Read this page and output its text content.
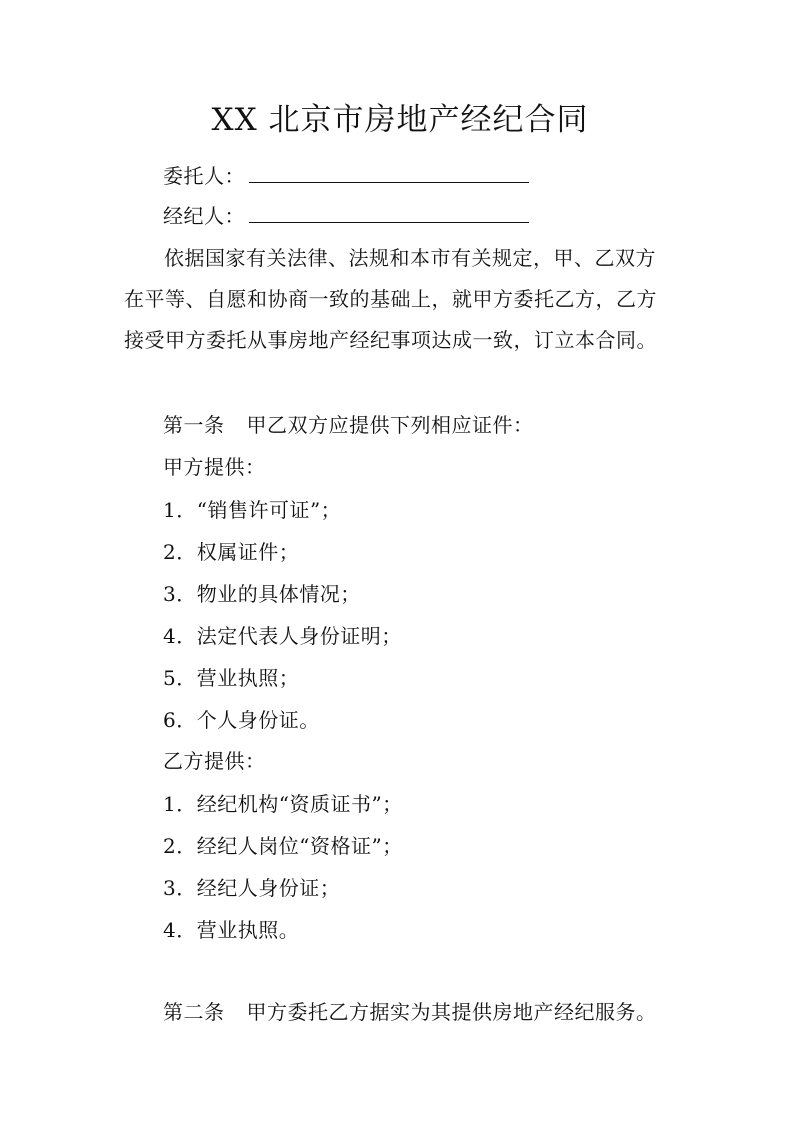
XX 北京市房地产经纪合同
委托人：
经纪人：
依据国家有关法律、法规和本市有关规定，甲、乙双方
在平等、自愿和协商一致的基础上，就甲方委托乙方，乙方
接受甲方委托从事房地产经纪事项达成一致，订立本合同。
第一条 甲乙双方应提供下列相应证件：
甲方提供：
1．“销售许可证”；
2．权属证件；
3．物业的具体情况；
4．法定代表人身份证明；
5．营业执照；
6．个人身份证。
乙方提供：
1．经纪机构“资质证书”；
2．经纪人岗位“资格证”；
3．经纪人身份证；
4．营业执照。
第二条 甲方委托乙方据实为其提供房地产经纪服务。
